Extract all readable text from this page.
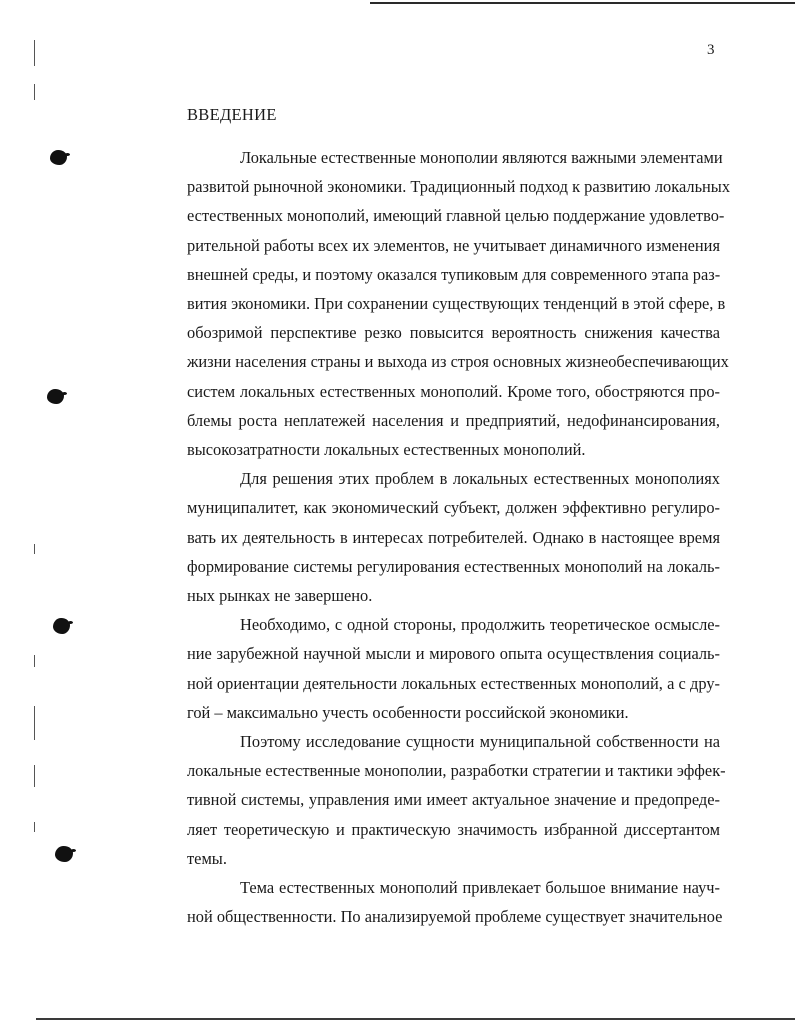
3
ВВЕДЕНИЕ
Локальные естественные монополии являются важными элементами
развитой рыночной экономики. Традиционный подход к развитию локальных
естественных монополий, имеющий главной целью поддержание удовлетво-
рительной работы всех их элементов, не учитывает динамичного изменения
внешней среды, и поэтому оказался тупиковым для современного этапа раз-
вития экономики. При сохранении существующих тенденций в этой сфере, в
обозримой перспективе резко повысится вероятность снижения качества
жизни населения страны и выхода из строя основных жизнеобеспечивающих
систем локальных естественных монополий. Кроме того, обостряются про-
блемы роста неплатежей населения и предприятий, недофинансирования,
высокозатратности локальных естественных монополий.
Для решения этих проблем в локальных естественных монополиях
муниципалитет, как экономический субъект, должен эффективно регулиро-
вать их деятельность в интересах потребителей. Однако в настоящее время
формирование системы регулирования естественных монополий на локаль-
ных рынках не завершено.
Необходимо, с одной стороны, продолжить теоретическое осмысле-
ние зарубежной научной мысли и мирового опыта осуществления социаль-
ной ориентации деятельности локальных естественных монополий, а с дру-
гой – максимально учесть особенности российской экономики.
Поэтому исследование сущности муниципальной собственности на
локальные естественные монополии, разработки стратегии и тактики эффек-
тивной системы, управления ими имеет актуальное значение и предопреде-
ляет теоретическую и практическую значимость избранной диссертантом
темы.
Тема естественных монополий привлекает большое внимание науч-
ной общественности. По анализируемой проблеме существует значительное
